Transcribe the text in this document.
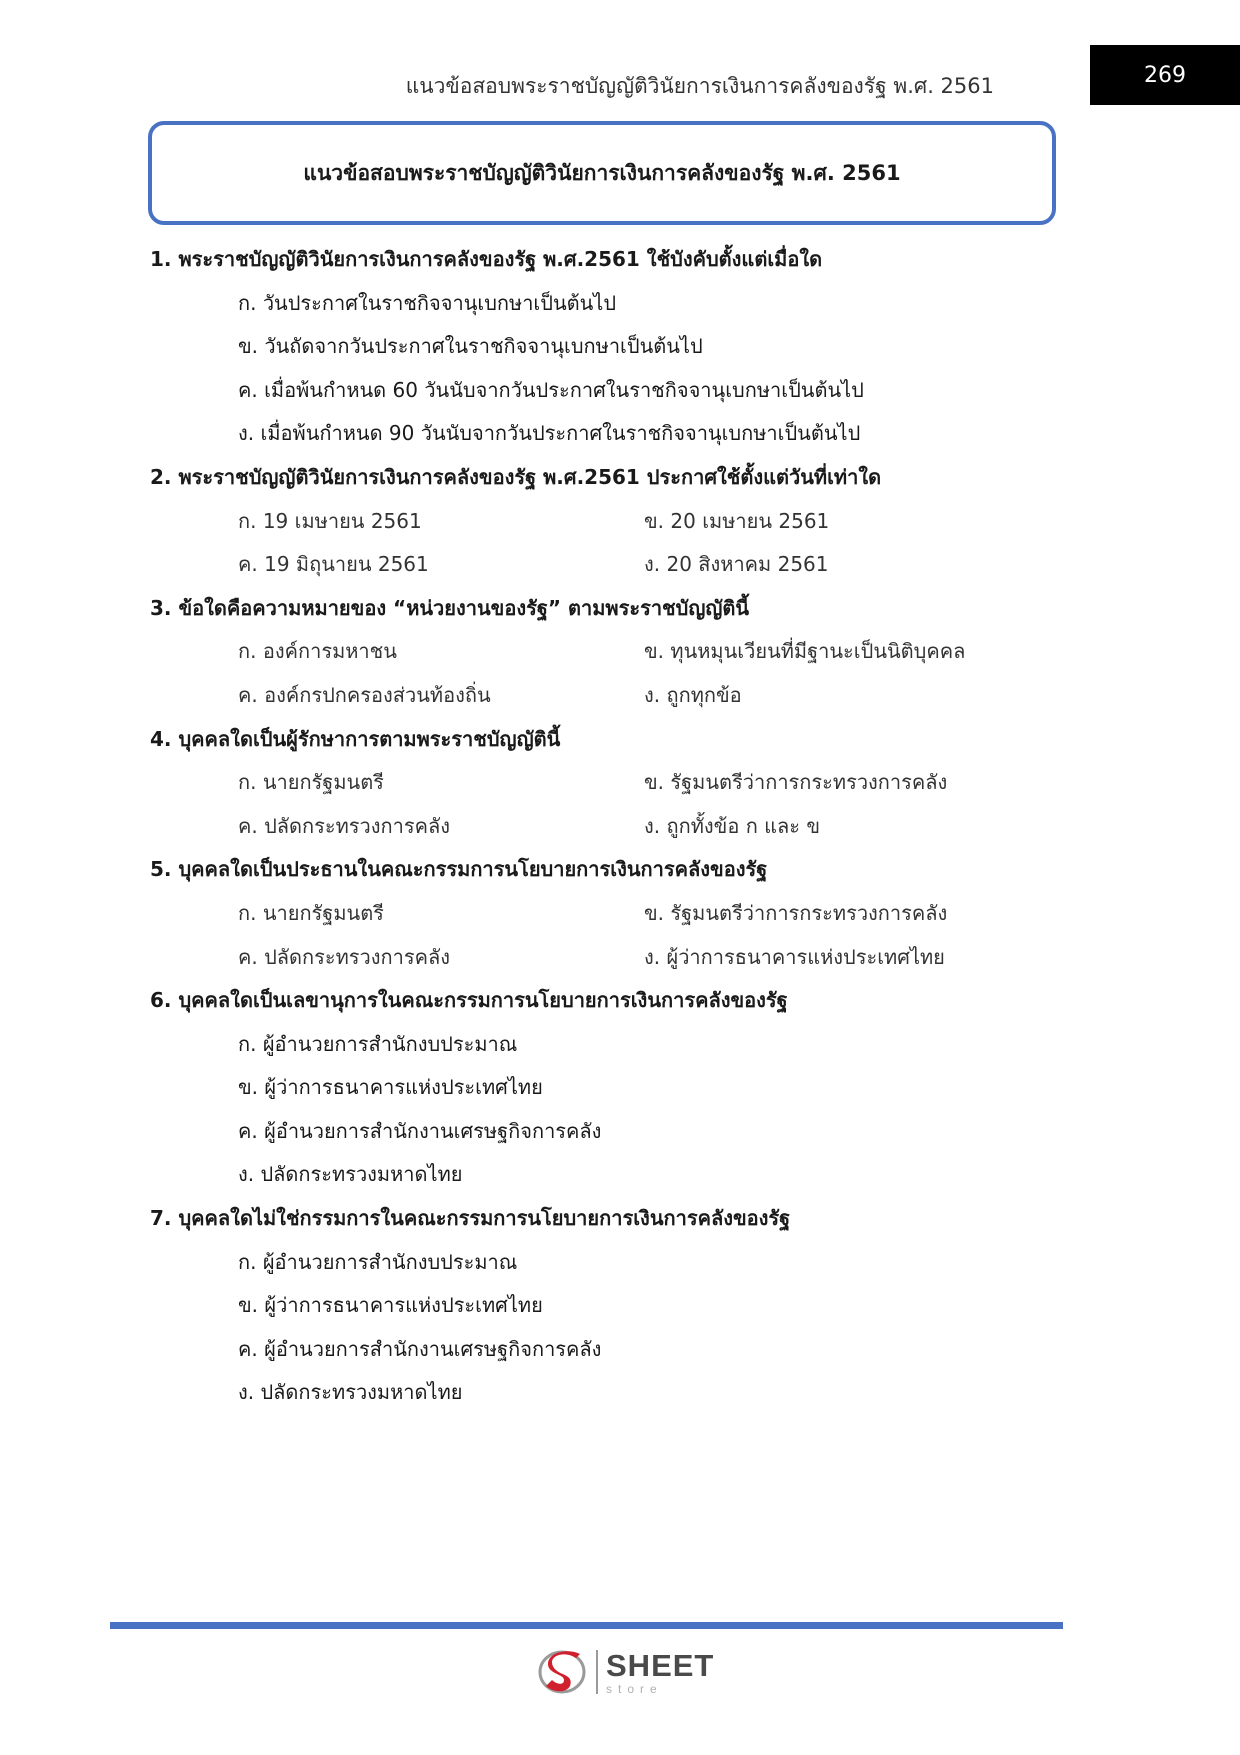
269
แนวข้อสอบพระราชบัญญัติวินัยการเงินการคลังของรัฐ พ.ศ. 2561
แนวข้อสอบพระราชบัญญัติวินัยการเงินการคลังของรัฐ พ.ศ. 2561
1. พระราชบัญญัติวินัยการเงินการคลังของรัฐ พ.ศ.2561 ใช้บังคับตั้งแต่เมื่อใด
ก. วันประกาศในราชกิจจานุเบกษาเป็นต้นไป
ข. วันถัดจากวันประกาศในราชกิจจานุเบกษาเป็นต้นไป
ค. เมื่อพ้นกำหนด 60 วันนับจากวันประกาศในราชกิจจานุเบกษาเป็นต้นไป
ง. เมื่อพ้นกำหนด 90 วันนับจากวันประกาศในราชกิจจานุเบกษาเป็นต้นไป
2. พระราชบัญญัติวินัยการเงินการคลังของรัฐ พ.ศ.2561 ประกาศใช้ตั้งแต่วันที่เท่าใด
ก. 19 เมษายน 2561	ข. 20 เมษายน 2561
ค. 19 มิถุนายน 2561	ง. 20 สิงหาคม 2561
3. ข้อใดคือความหมายของ “หน่วยงานของรัฐ” ตามพระราชบัญญัตินี้
ก. องค์การมหาชน	ข. ทุนหมุนเวียนที่มีฐานะเป็นนิติบุคคล
ค. องค์กรปกครองส่วนท้องถิ่น	ง. ถูกทุกข้อ
4. บุคคลใดเป็นผู้รักษาการตามพระราชบัญญัตินี้
ก. นายกรัฐมนตรี	ข. รัฐมนตรีว่าการกระทรวงการคลัง
ค. ปลัดกระทรวงการคลัง	ง. ถูกทั้งข้อ ก และ ข
5. บุคคลใดเป็นประธานในคณะกรรมการนโยบายการเงินการคลังของรัฐ
ก. นายกรัฐมนตรี	ข. รัฐมนตรีว่าการกระทรวงการคลัง
ค. ปลัดกระทรวงการคลัง	ง. ผู้ว่าการธนาคารแห่งประเทศไทย
6. บุคคลใดเป็นเลขานุการในคณะกรรมการนโยบายการเงินการคลังของรัฐ
ก. ผู้อำนวยการสำนักงบประมาณ
ข. ผู้ว่าการธนาคารแห่งประเทศไทย
ค. ผู้อำนวยการสำนักงานเศรษฐกิจการคลัง
ง. ปลัดกระทรวงมหาดไทย
7. บุคคลใดไม่ใช่กรรมการในคณะกรรมการนโยบายการเงินการคลังของรัฐ
ก. ผู้อำนวยการสำนักงบประมาณ
ข. ผู้ว่าการธนาคารแห่งประเทศไทย
ค. ผู้อำนวยการสำนักงานเศรษฐกิจการคลัง
ง. ปลัดกระทรวงมหาดไทย
SHEET
store
